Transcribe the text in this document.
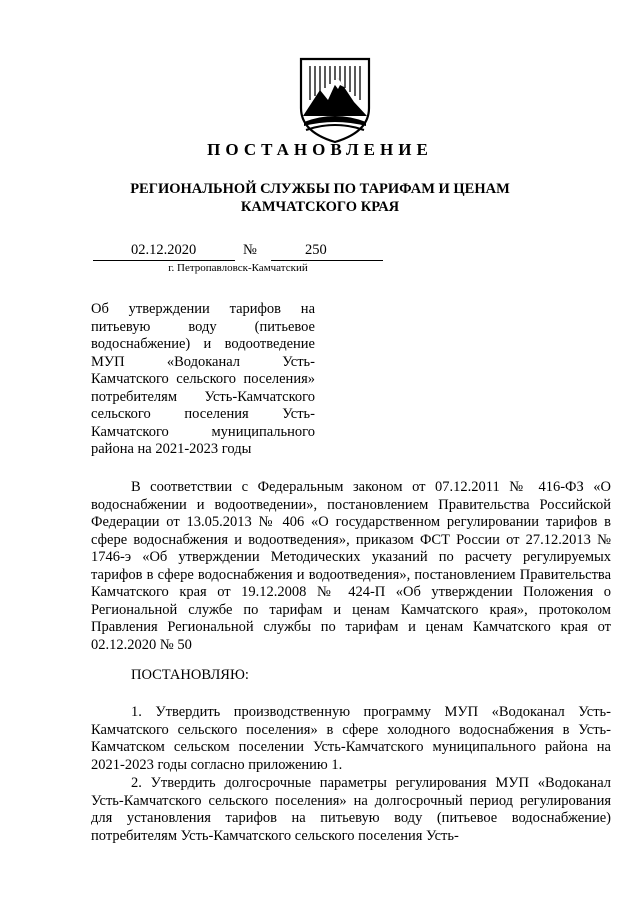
ПОСТАНОВЛЕНИЕ
РЕГИОНАЛЬНОЙ СЛУЖБЫ ПО ТАРИФАМ И ЦЕНАМ
КАМЧАТСКОГО КРАЯ
02.12.2020	№	250
г. Петропавловск-Камчатский
Об утверждении тарифов на питьевую воду (питьевое водоснабжение) и водоотведение МУП «Водоканал Усть-Камчатского сельского поселения» потребителям Усть-Камчатского сельского поселения Усть-Камчатского муниципального района на 2021-2023 годы
В соответствии с Федеральным законом от 07.12.2011 № 416-ФЗ «О водоснабжении и водоотведении», постановлением Правительства Российской Федерации от 13.05.2013 № 406 «О государственном регулировании тарифов в сфере водоснабжения и водоотведения», приказом ФСТ России от 27.12.2013 № 1746-э «Об утверждении Методических указаний по расчету регулируемых тарифов в сфере водоснабжения и водоотведения», постановлением Правительства Камчатского края от 19.12.2008 № 424-П «Об утверждении Положения о Региональной службе по тарифам и ценам Камчатского края», протоколом Правления Региональной службы по тарифам и ценам Камчатского края от 02.12.2020 № 50
ПОСТАНОВЛЯЮ:
1. Утвердить производственную программу МУП «Водоканал Усть-Камчатского сельского поселения» в сфере холодного водоснабжения в Усть-Камчатском сельском поселении Усть-Камчатского муниципального района на 2021-2023 годы согласно приложению 1.
2. Утвердить долгосрочные параметры регулирования МУП «Водоканал Усть-Камчатского сельского поселения» на долгосрочный период регулирования для установления тарифов на питьевую воду (питьевое водоснабжение) потребителям Усть-Камчатского сельского поселения Усть-
